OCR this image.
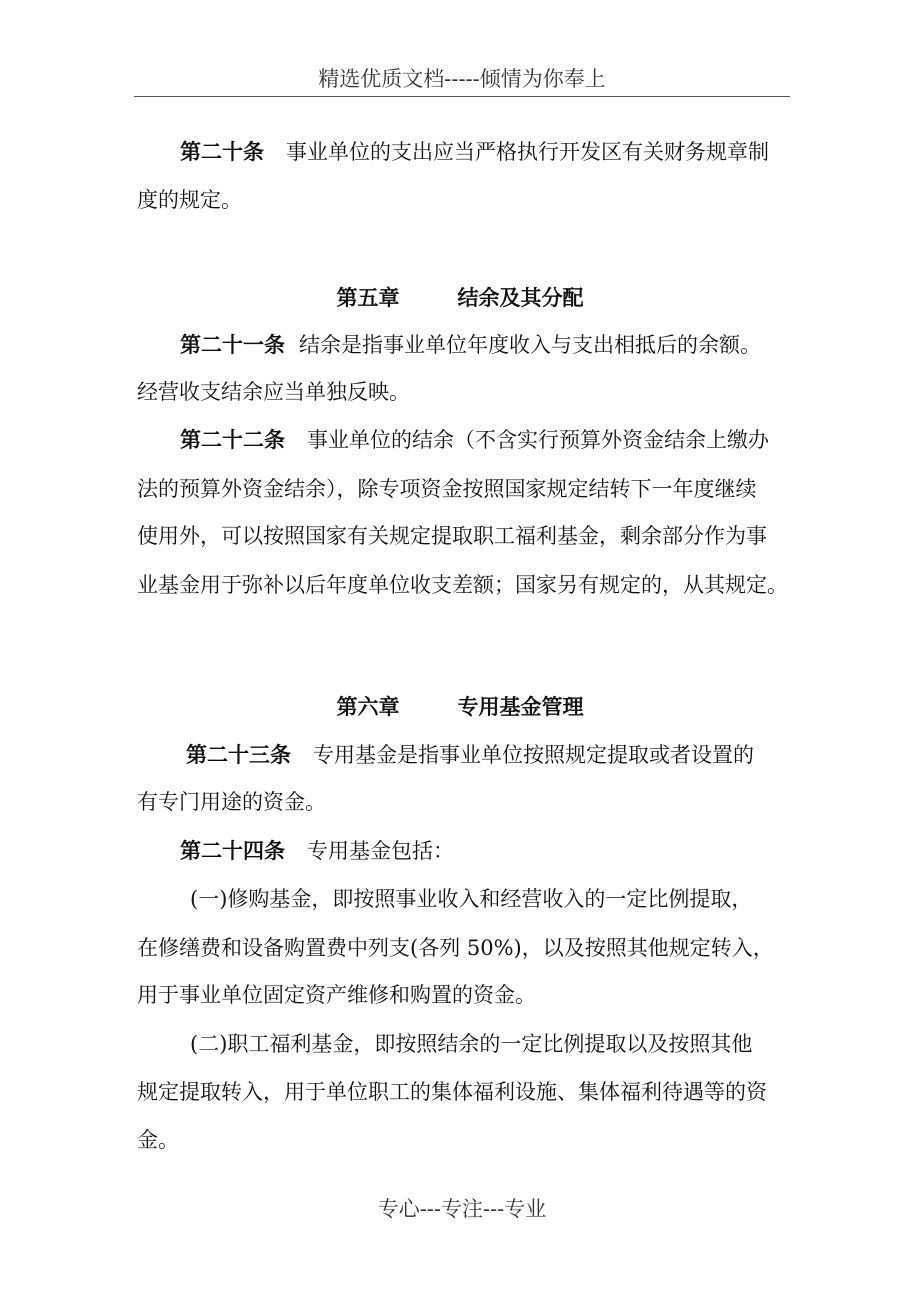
精选优质文档-----倾情为你奉上
第二十条 事业单位的支出应当严格执行开发区有关财务规章制
度的规定。
第五章	结余及其分配
第二十一条 结余是指事业单位年度收入与支出相抵后的余额。
经营收支结余应当单独反映。
第二十二条 事业单位的结余（不含实行预算外资金结余上缴办
法的预算外资金结余），除专项资金按照国家规定结转下一年度继续
使用外，可以按照国家有关规定提取职工福利基金，剩余部分作为事
业基金用于弥补以后年度单位收支差额；国家另有规定的，从其规定。
第六章	专用基金管理
第二十三条 专用基金是指事业单位按照规定提取或者设置的
有专门用途的资金。
第二十四条 专用基金包括：
(一)修购基金，即按照事业收入和经营收入的一定比例提取，
在修缮费和设备购置费中列支(各列 50%)，以及按照其他规定转入，
用于事业单位固定资产维修和购置的资金。
(二)职工福利基金，即按照结余的一定比例提取以及按照其他
规定提取转入，用于单位职工的集体福利设施、集体福利待遇等的资
金。
专心---专注---专业
